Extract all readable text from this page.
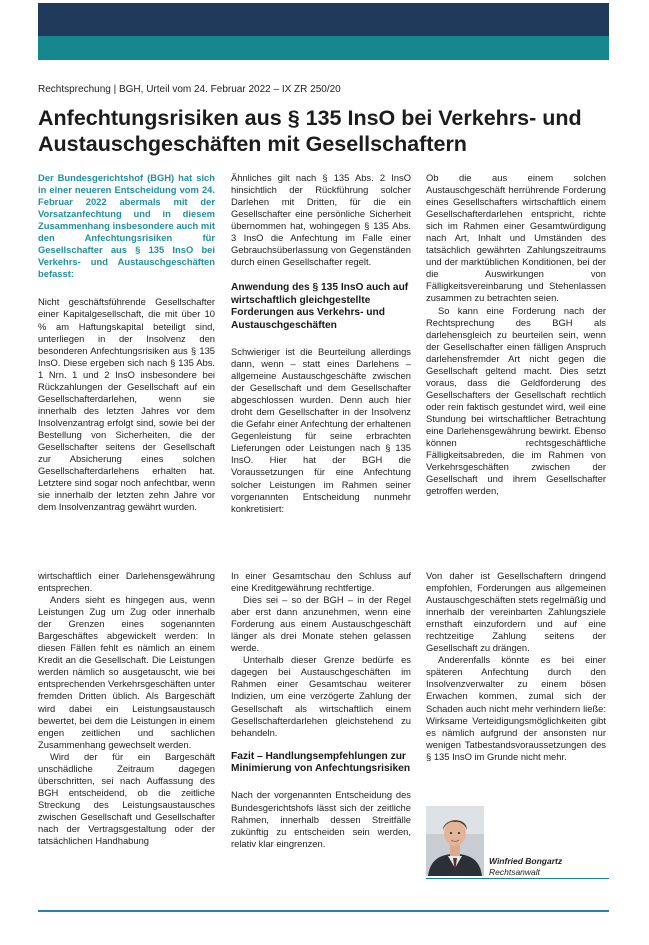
Rechtsprechung | BGH, Urteil vom 24. Februar 2022 – IX ZR 250/20
Anfechtungsrisiken aus § 135 InsO bei Verkehrs- und Austauschgeschäften mit Gesellschaftern

Der Bundesgerichtshof (BGH) hat sich in einer neueren Entscheidung vom 24. Februar 2022 abermals mit der Vorsatzanfechtung und in diesem Zusammenhang insbesondere auch mit den Anfechtungsrisiken für Gesellschafter aus § 135 InsO bei Verkehrs- und Austauschgeschäften befasst:

Nicht geschäftsführende Gesellschafter einer Kapitalgesellschaft, die mit über 10 % am Haftungskapital beteiligt sind, unterliegen in der Insolvenz den besonderen Anfechtungsrisiken aus § 135 InsO. Diese ergeben sich nach § 135 Abs. 1 Nrn. 1 und 2 InsO insbesondere bei Rückzahlungen der Gesellschaft auf ein Gesellschafterdarlehen, wenn sie innerhalb des letzten Jahres vor dem Insolvenzantrag erfolgt sind, sowie bei der Bestellung von Sicherheiten, die der Gesellschafter seitens der Gesellschaft zur Absicherung eines solchen Gesellschafterdarlehens erhalten hat. Letztere sind sogar noch anfechtbar, wenn sie innerhalb der letzten zehn Jahre vor dem Insolvenzantrag gewährt wurden.

wirtschaftlich einer Darlehensgewährung entsprechen.

Anders sieht es hingegen aus, wenn Leistungen Zug um Zug oder innerhalb der Grenzen eines sogenannten Bargeschäftes abgewickelt werden: In diesen Fällen fehlt es nämlich an einem Kredit an die Gesellschaft. Die Leistungen werden nämlich so ausgetauscht, wie bei entsprechenden Verkehrsgeschäften unter fremden Dritten üblich. Als Bargeschäft wird dabei ein Leistungsaustausch bewertet, bei dem die Leistungen in einem engen zeitlichen und sachlichen Zusammenhang gewechselt werden.

Wird der für ein Bargeschäft unschädliche Zeitraum dagegen überschritten, sei nach Auffassung des BGH entscheidend, ob die zeitliche Streckung des Leistungsaustausches zwischen Gesellschaft und Gesellschafter nach der Vertragsgestaltung oder der tatsächlichen Handhabung

Ähnliches gilt nach § 135 Abs. 2 InsO hinsichtlich der Rückführung solcher Darlehen mit Dritten, für die ein Gesellschafter eine persönliche Sicherheit übernommen hat, wohingegen § 135 Abs. 3 InsO die Anfechtung im Falle einer Gebrauchsüberlassung von Gegenständen durch einen Gesellschafter regelt.

Anwendung des § 135 InsO auch auf wirtschaftlich gleichgestellte Forderungen aus Verkehrs- und Austauschgeschäften

Schwieriger ist die Beurteilung allerdings dann, wenn – statt eines Darlehens – allgemeine Austauschgeschäfte zwischen der Gesellschaft und dem Gesellschafter abgeschlossen wurden. Denn auch hier droht dem Gesellschafter in der Insolvenz die Gefahr einer Anfechtung der erhaltenen Gegenleistung für seine erbrachten Lieferungen oder Leistungen nach § 135 InsO. Hier hat der BGH die Voraussetzungen für eine Anfechtung solcher Leistungen im Rahmen seiner vorgenannten Entscheidung nunmehr konkretisiert:

In einer Gesamtschau den Schluss auf eine Kreditgewährung rechtfertige.

Dies sei – so der BGH – in der Regel aber erst dann anzunehmen, wenn eine Forderung aus einem Austauschgeschäft länger als drei Monate stehen gelassen werde.

Unterhalb dieser Grenze bedürfe es dagegen bei Austauschgeschäften im Rahmen einer Gesamtschau weiterer Indizien, um eine verzögerte Zahlung der Gesellschaft als wirtschaftlich einem Gesellschafterdarlehen gleichstehend zu behandeln.

Fazit – Handlungsempfehlungen zur Minimierung von Anfechtungsrisiken

Nach der vorgenannten Entscheidung des Bundesgerichtshofs lässt sich der zeitliche Rahmen, innerhalb dessen Streitfälle zukünftig zu entscheiden sein werden, relativ klar eingrenzen.

Ob die aus einem solchen Austauschgeschäft herrührende Forderung eines Gesellschafters wirtschaftlich einem Gesellschafterdarlehen entspricht, richte sich im Rahmen einer Gesamtwürdigung nach Art, Inhalt und Umständen des tatsächlich gewährten Zahlungszeitraums und der marktüblichen Konditionen, bei der die Auswirkungen von Fälligkeitsvereinbarung und Stehenlassen zusammen zu betrachten seien.

So kann eine Forderung nach der Rechtsprechung des BGH als darlehensgleich zu beurteilen sein, wenn der Gesellschafter einen fälligen Anspruch darlehensfremder Art nicht gegen die Gesellschaft geltend macht. Dies setzt voraus, dass die Geldforderung des Gesellschafters der Gesellschaft rechtlich oder rein faktisch gestundet wird, weil eine Stundung bei wirtschaftlicher Betrachtung eine Darlehensgewährung bewirkt. Ebenso können rechtsgeschäftliche Fälligkeitsabreden, die im Rahmen von Verkehrsgeschäften zwischen der Gesellschaft und ihrem Gesellschafter getroffen werden,

Von daher ist Gesellschaftern dringend empfohlen, Forderungen aus allgemeinen Austauschgeschäften stets regelmäßig und innerhalb der vereinbarten Zahlungsziele ernsthaft einzufordern und auf eine rechtzeitige Zahlung seitens der Gesellschaft zu drängen.

Anderenfalls könnte es bei einer späteren Anfechtung durch den Insolvenzverwalter zu einem bösen Erwachen kommen, zumal sich der Schaden auch nicht mehr verhindern ließe: Wirksame Verteidigungsmöglichkeiten gibt es nämlich aufgrund der ansonsten nur wenigen Tatbestandsvoraussetzungen des § 135 InsO im Grunde nicht mehr.

Winfried Bongartz
Rechtsanwalt
